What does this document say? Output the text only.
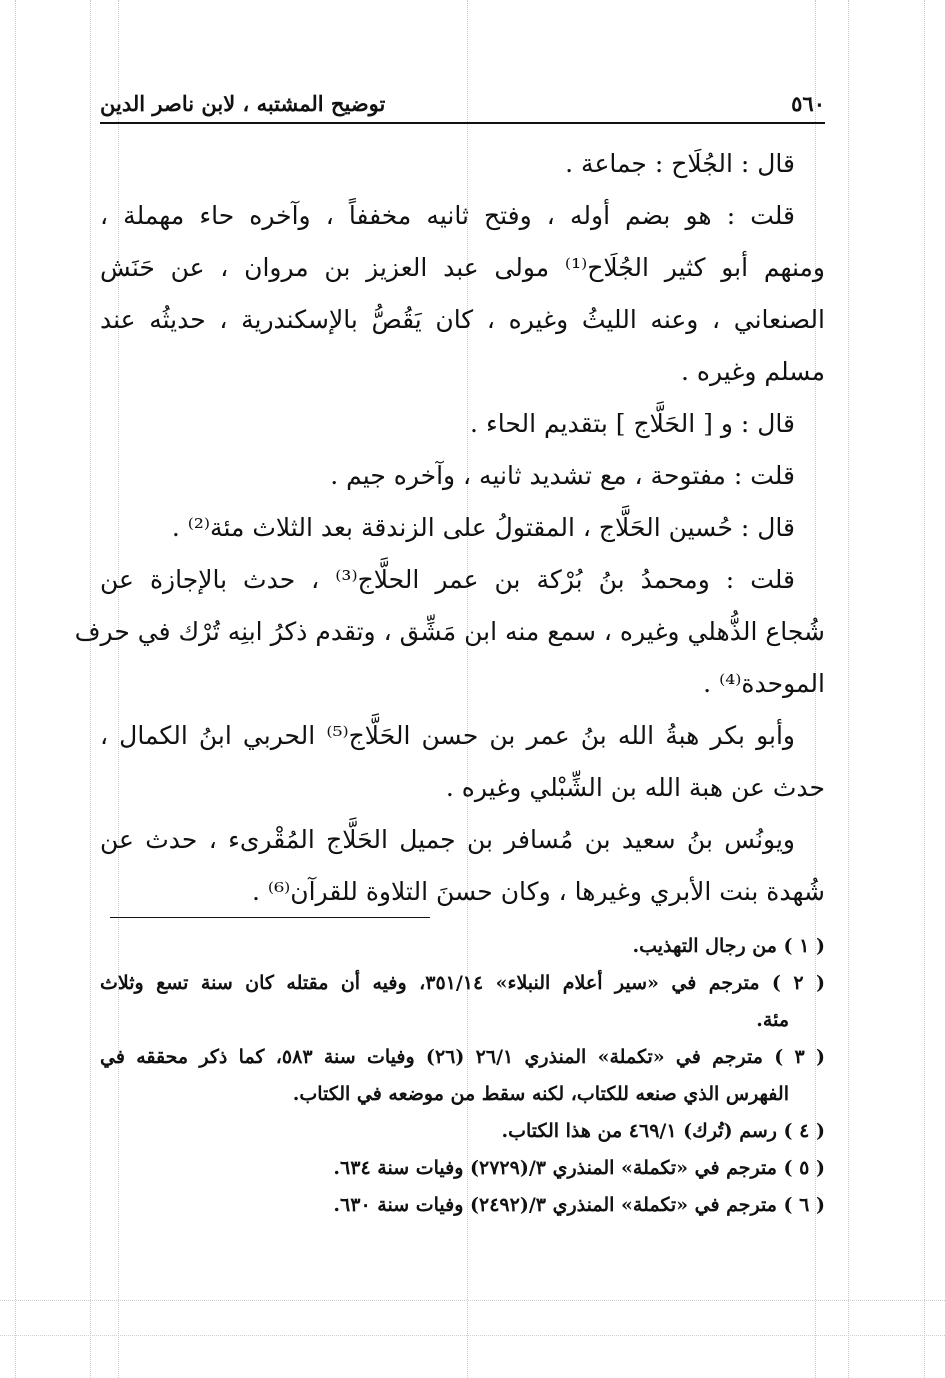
٥٦٠
توضيح المشتبه ، لابن ناصر الدين
قال : الجُلَاح : جماعة .
قلت : هو بضم أوله ، وفتح ثانيه مخففاً ، وآخره حاء مهملة ،
ومنهم أبو كثير الجُلَاح⁽¹⁾ مولى عبد العزيز بن مروان ، عن حَنَش
الصنعاني ، وعنه الليثُ وغيره ، كان يَقُصُّ بالإسكندرية ، حديثُه عند
مسلم وغيره .
قال : و [ الحَلَّاج ] بتقديم الحاء .
قلت : مفتوحة ، مع تشديد ثانيه ، وآخره جيم .
قال : حُسين الحَلَّاج ، المقتولُ على الزندقة بعد الثلاث مئة⁽²⁾ .
قلت : ومحمدُ بنُ بُرْكة بن عمر الحلَّاج⁽³⁾ ، حدث بالإجازة عن
شُجاع الذُّهلي وغيره ، سمع منه ابن مَشِّق ، وتقدم ذكرُ ابنِه تُرْك في حرف
الموحدة⁽⁴⁾ .
وأبو بكر هبةُ الله بنُ عمر بن حسن الحَلَّاج⁽⁵⁾ الحربي ابنُ الكمال ،
حدث عن هبة الله بن الشِّبْلي وغيره .
ويونُس بنُ سعيد بن مُسافر بن جميل الحَلَّاج المُقْرىء ، حدث عن
شُهدة بنت الأبري وغيرها ، وكان حسنَ التلاوة للقرآن⁽⁶⁾ .
( ١ ) من رجال التهذيب.
( ٢ ) مترجم في «سير أعلام النبلاء» ٣٥١/١٤، وفيه أن مقتله كان سنة تسع وثلاث
مئة.
( ٣ ) مترجم في «تكملة» المنذري ٢٦/١ (٢٦) وفيات سنة ٥٨٣، كما ذكر محققه في
الفهرس الذي صنعه للكتاب، لكنه سقط من موضعه في الكتاب.
( ٤ ) رسم (تُرك) ٤٦٩/١ من هذا الكتاب.
( ٥ ) مترجم في «تكملة» المنذري ٣/(٢٧٢٩) وفيات سنة ٦٣٤.
( ٦ ) مترجم في «تكملة» المنذري ٣/(٢٤٩٢) وفيات سنة ٦٣٠.
